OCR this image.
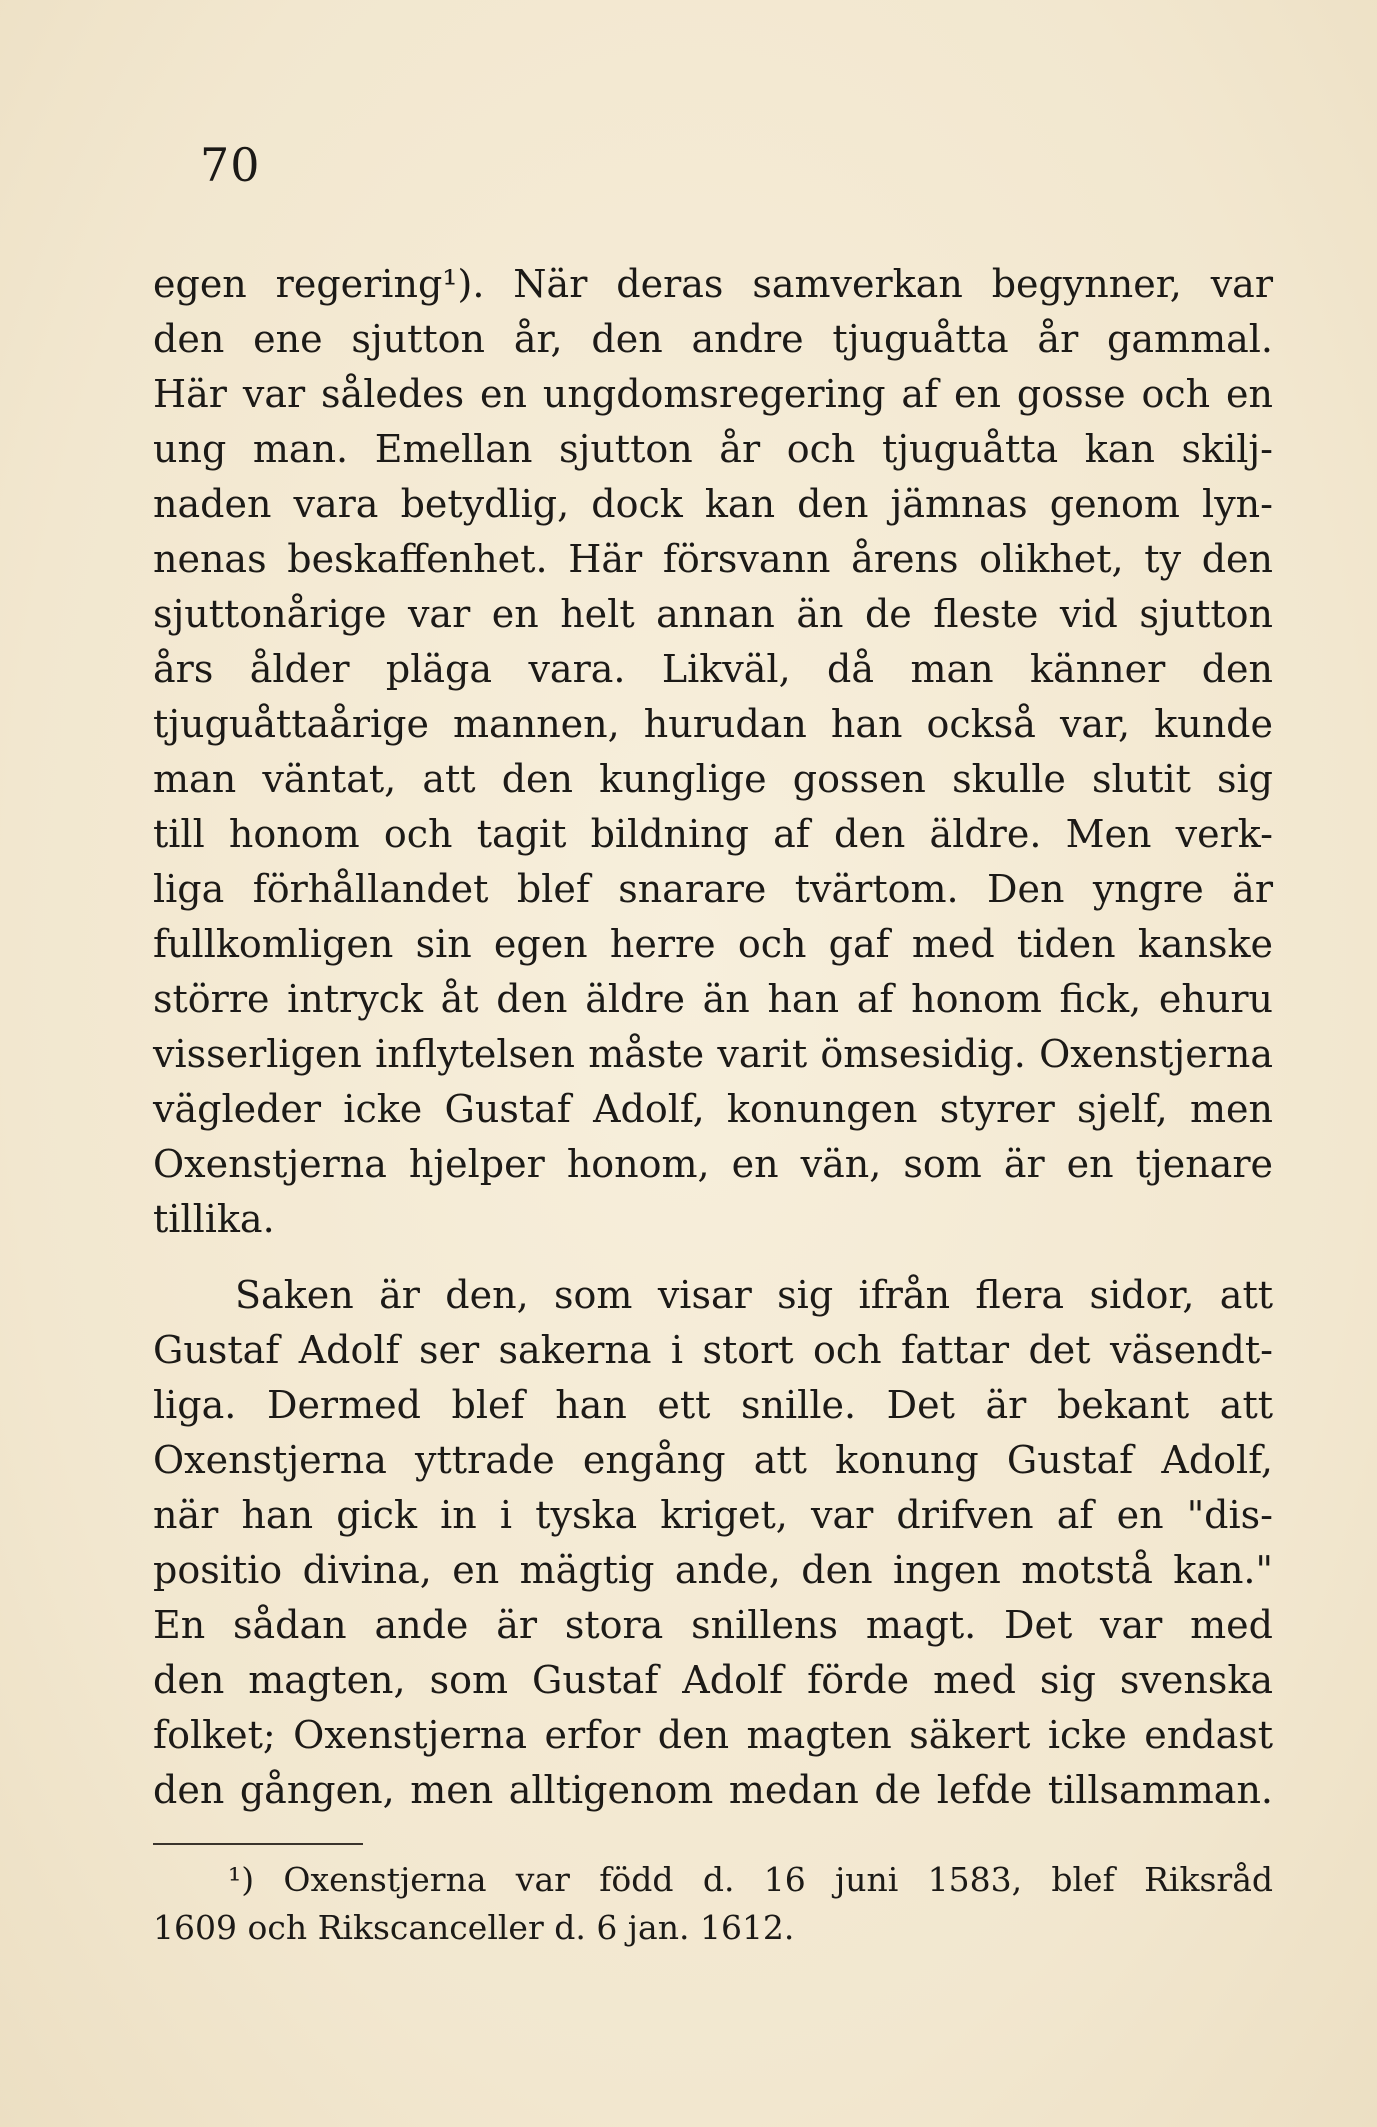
70
egen regering¹). När deras samverkan begynner, var
den ene sjutton år, den andre tjuguåtta år gammal.
Här var således en ungdomsregering af en gosse och en
ung man. Emellan sjutton år och tjuguåtta kan skilj-
naden vara betydlig, dock kan den jämnas genom lyn-
nenas beskaffenhet. Här försvann årens olikhet, ty den
sjuttonårige var en helt annan än de fleste vid sjutton
års ålder pläga vara. Likväl, då man känner den
tjuguåttaårige mannen, hurudan han också var, kunde
man väntat, att den kunglige gossen skulle slutit sig
till honom och tagit bildning af den äldre. Men verk-
liga förhållandet blef snarare tvärtom. Den yngre är
fullkomligen sin egen herre och gaf med tiden kanske
större intryck åt den äldre än han af honom fick, ehuru
visserligen inflytelsen måste varit ömsesidig. Oxenstjerna
vägleder icke Gustaf Adolf, konungen styrer sjelf, men
Oxenstjerna hjelper honom, en vän, som är en tjenare
tillika.
Saken är den, som visar sig ifrån flera sidor, att
Gustaf Adolf ser sakerna i stort och fattar det väsendt-
liga. Dermed blef han ett snille. Det är bekant att
Oxenstjerna yttrade engång att konung Gustaf Adolf,
när han gick in i tyska kriget, var drifven af en "dis-
positio divina, en mägtig ande, den ingen motstå kan."
En sådan ande är stora snillens magt. Det var med
den magten, som Gustaf Adolf förde med sig svenska
folket; Oxenstjerna erfor den magten säkert icke endast
den gången, men alltigenom medan de lefde tillsamman.
¹) Oxenstjerna var född d. 16 juni 1583, blef Riksråd
1609 och Rikscanceller d. 6 jan. 1612.
